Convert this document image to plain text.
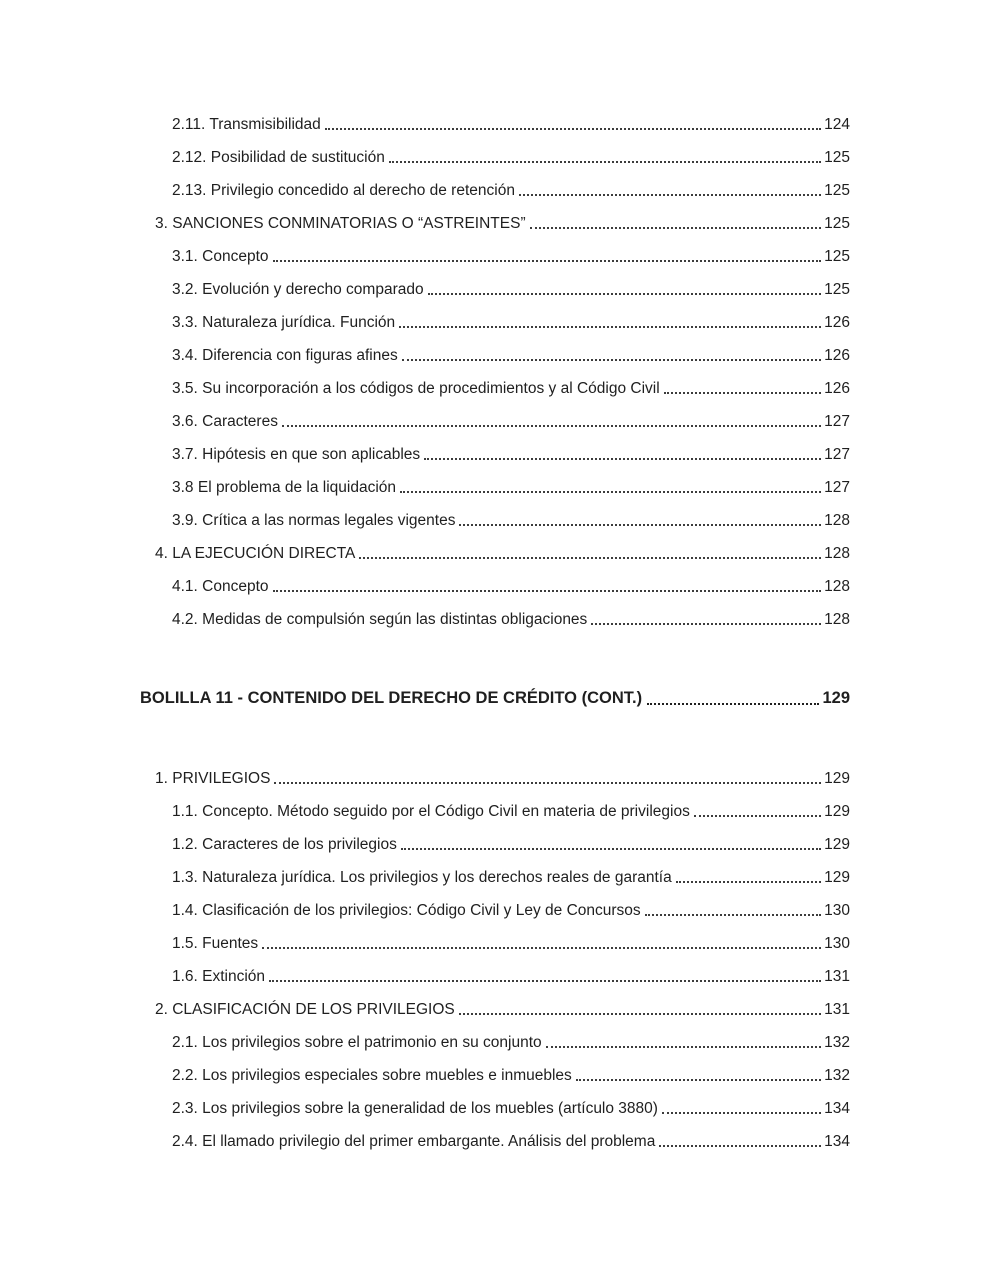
2.11. Transmisibilidad	124
2.12. Posibilidad de sustitución	125
2.13. Privilegio concedido al derecho de retención	125
3. SANCIONES CONMINATORIAS O “ASTREINTES”	125
3.1. Concepto	125
3.2. Evolución y derecho comparado	125
3.3. Naturaleza jurídica. Función	126
3.4. Diferencia con figuras afines	126
3.5. Su incorporación a los códigos de procedimientos y al Código Civil	126
3.6. Caracteres	127
3.7. Hipótesis en que son aplicables	127
3.8 El problema de la liquidación	127
3.9. Crítica a las normas legales vigentes	128
4. LA EJECUCIÓN DIRECTA	128
4.1. Concepto	128
4.2. Medidas de compulsión según las distintas obligaciones	128
BOLILLA 11 - CONTENIDO DEL DERECHO DE CRÉDITO (CONT.)	129
1. PRIVILEGIOS	129
1.1. Concepto. Método seguido por el Código Civil en materia de privilegios	129
1.2. Caracteres de los privilegios	129
1.3. Naturaleza jurídica. Los privilegios y los derechos reales de garantía	129
1.4. Clasificación de los privilegios: Código Civil y Ley de Concursos	130
1.5. Fuentes	130
1.6. Extinción	131
2. CLASIFICACIÓN DE LOS PRIVILEGIOS	131
2.1. Los privilegios sobre el patrimonio en su conjunto	132
2.2. Los privilegios especiales sobre muebles e inmuebles	132
2.3. Los privilegios sobre la generalidad de los muebles (artículo 3880)	134
2.4. El llamado privilegio del primer embargante. Análisis del problema	134
